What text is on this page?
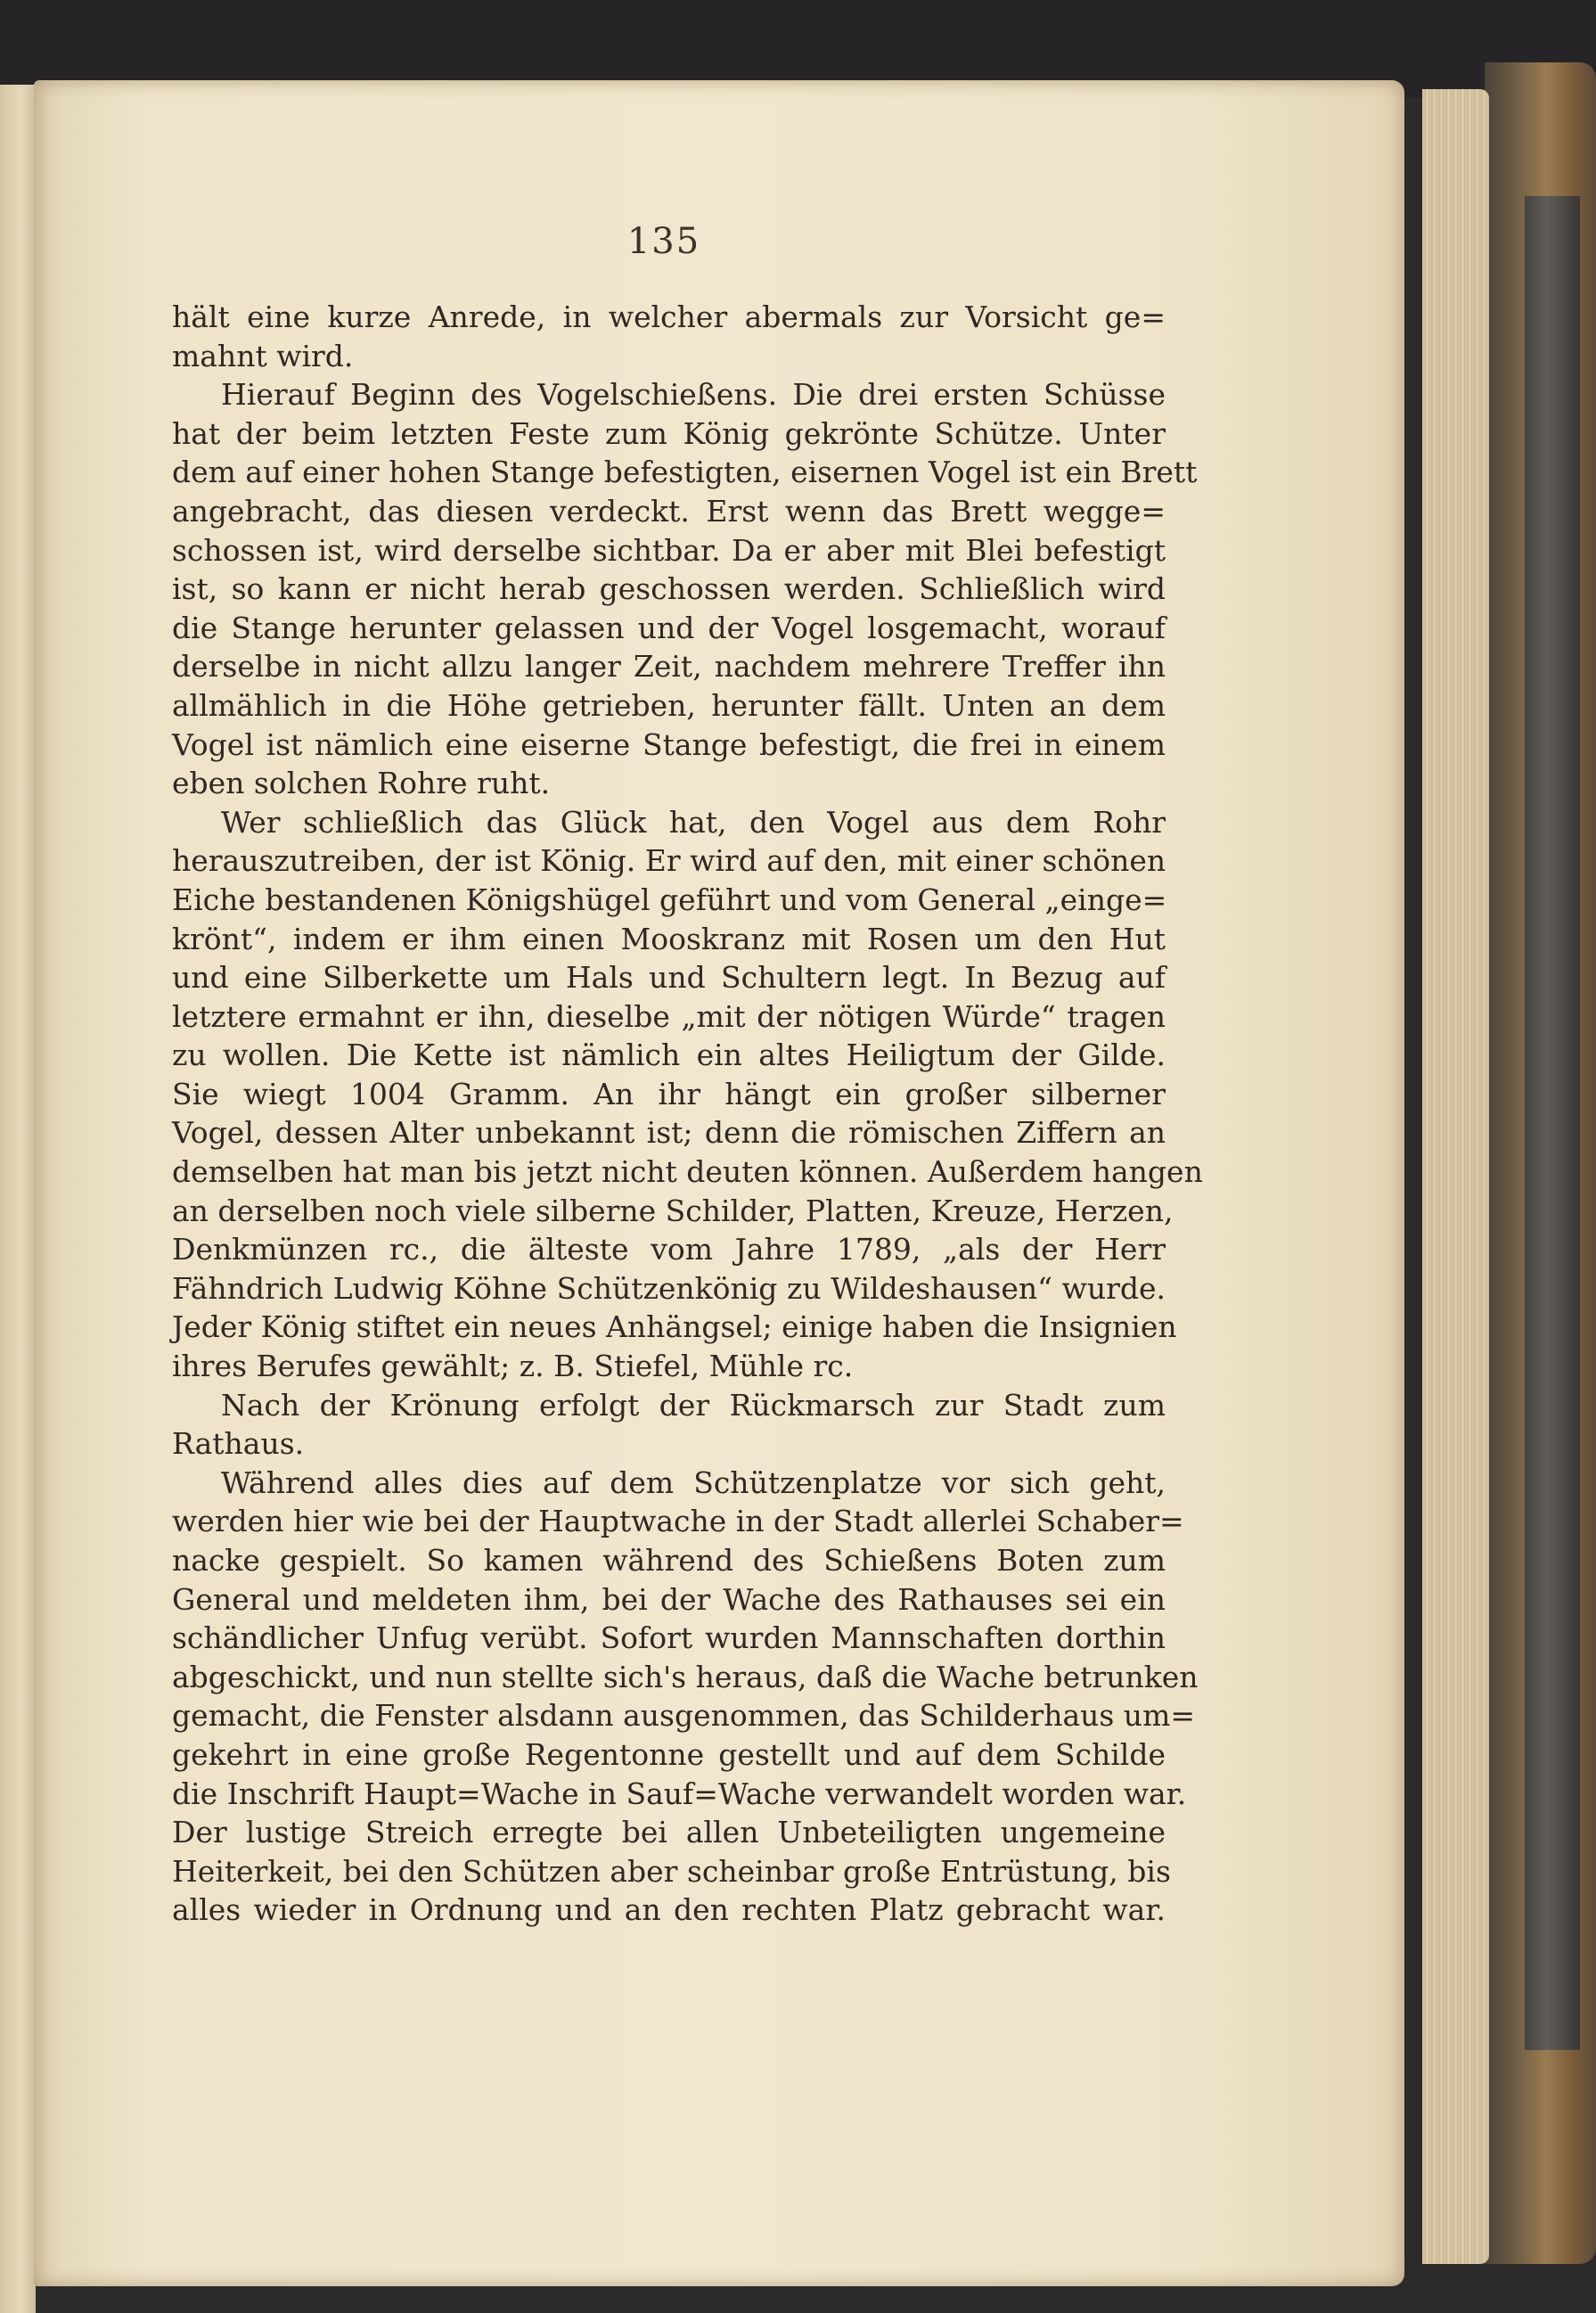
135
hält eine kurze Anrede, in welcher abermals zur Vorsicht ge=
mahnt wird.
Hierauf Beginn des Vogelschießens. Die drei ersten Schüsse
hat der beim letzten Feste zum König gekrönte Schütze. Unter
dem auf einer hohen Stange befestigten, eisernen Vogel ist ein Brett
angebracht, das diesen verdeckt. Erst wenn das Brett wegge=
schossen ist, wird derselbe sichtbar. Da er aber mit Blei befestigt
ist, so kann er nicht herab geschossen werden. Schließlich wird
die Stange herunter gelassen und der Vogel losgemacht, worauf
derselbe in nicht allzu langer Zeit, nachdem mehrere Treffer ihn
allmählich in die Höhe getrieben, herunter fällt. Unten an dem
Vogel ist nämlich eine eiserne Stange befestigt, die frei in einem
eben solchen Rohre ruht.
Wer schließlich das Glück hat, den Vogel aus dem Rohr
herauszutreiben, der ist König. Er wird auf den, mit einer schönen
Eiche bestandenen Königshügel geführt und vom General „einge=
krönt“, indem er ihm einen Mooskranz mit Rosen um den Hut
und eine Silberkette um Hals und Schultern legt. In Bezug auf
letztere ermahnt er ihn, dieselbe „mit der nötigen Würde“ tragen
zu wollen. Die Kette ist nämlich ein altes Heiligtum der Gilde.
Sie wiegt 1004 Gramm. An ihr hängt ein großer silberner
Vogel, dessen Alter unbekannt ist; denn die römischen Ziffern an
demselben hat man bis jetzt nicht deuten können. Außerdem hangen
an derselben noch viele silberne Schilder, Platten, Kreuze, Herzen,
Denkmünzen rc., die älteste vom Jahre 1789, „als der Herr
Fähndrich Ludwig Köhne Schützenkönig zu Wildeshausen“ wurde.
Jeder König stiftet ein neues Anhängsel; einige haben die Insignien
ihres Berufes gewählt; z. B. Stiefel, Mühle rc.
Nach der Krönung erfolgt der Rückmarsch zur Stadt zum
Rathaus.
Während alles dies auf dem Schützenplatze vor sich geht,
werden hier wie bei der Hauptwache in der Stadt allerlei Schaber=
nacke gespielt. So kamen während des Schießens Boten zum
General und meldeten ihm, bei der Wache des Rathauses sei ein
schändlicher Unfug verübt. Sofort wurden Mannschaften dorthin
abgeschickt, und nun stellte sich's heraus, daß die Wache betrunken
gemacht, die Fenster alsdann ausgenommen, das Schilderhaus um=
gekehrt in eine große Regentonne gestellt und auf dem Schilde
die Inschrift Haupt=Wache in Sauf=Wache verwandelt worden war.
Der lustige Streich erregte bei allen Unbeteiligten ungemeine
Heiterkeit, bei den Schützen aber scheinbar große Entrüstung, bis
alles wieder in Ordnung und an den rechten Platz gebracht war.
